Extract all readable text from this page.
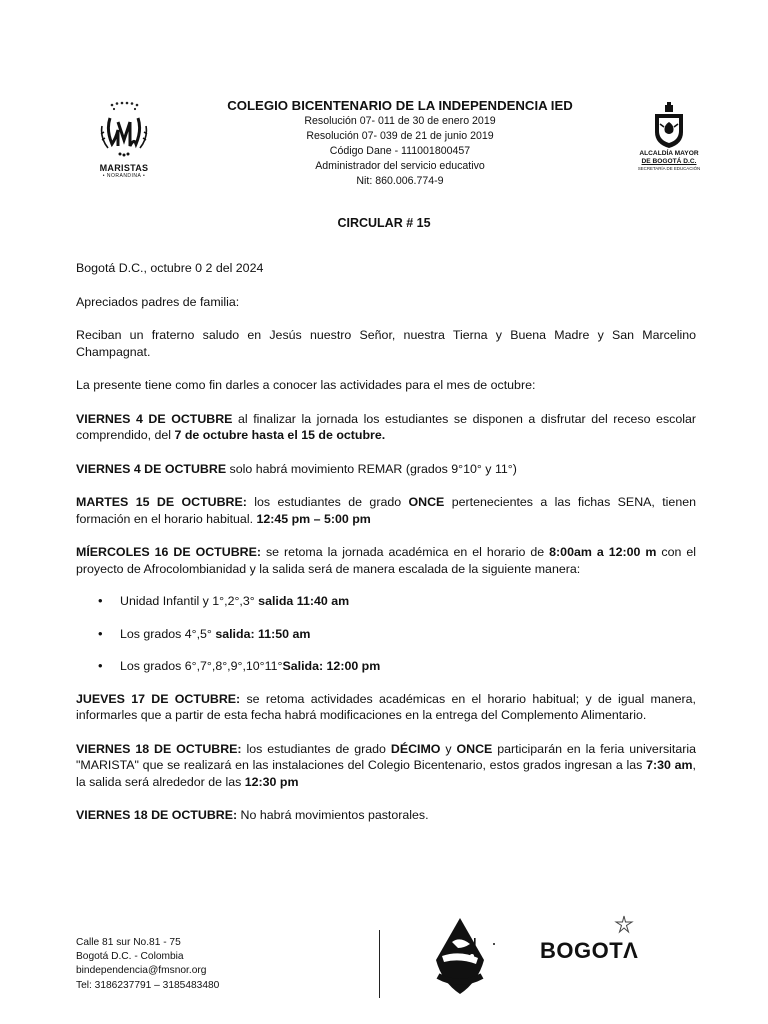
MARISTAS
• NORANDINA •
COLEGIO BICENTENARIO DE LA INDEPENDENCIA IED
Resolución 07- 011 de 30 de enero 2019
Resolución 07- 039 de 21 de junio 2019
Código Dane - 111001800457
Administrador del servicio educativo
Nit: 860.006.774-9
ALCALDÍA MAYOR
DE BOGOTÁ D.C.
SECRETARÍA DE EDUCACIÓN
CIRCULAR # 15

Bogotá D.C., octubre 0 2 del 2024

Apreciados padres de familia:

Reciban un fraterno saludo en Jesús nuestro Señor, nuestra Tierna y Buena Madre y San Marcelino Champagnat.

La presente tiene como fin darles a conocer las actividades para el mes de octubre:

VIERNES 4 DE OCTUBRE al finalizar la jornada los estudiantes se disponen a disfrutar del receso escolar comprendido, del 7 de octubre hasta el 15 de octubre.

VIERNES 4 DE OCTUBRE solo habrá movimiento REMAR (grados 9°10° y 11°)

MARTES 15 DE OCTUBRE: los estudiantes de grado ONCE pertenecientes a las fichas SENA, tienen formación en el horario habitual. 12:45 pm – 5:00 pm

MÍERCOLES 16 DE OCTUBRE: se retoma la jornada académica en el horario de 8:00am a 12:00 m con el proyecto de Afrocolombianidad y la salida será de manera escalada de la siguiente manera:

• Unidad Infantil y 1°,2°,3° salida 11:40 am
• Los grados 4°,5° salida: 11:50 am
• Los grados 6°,7°,8°,9°,10°11°Salida: 12:00 pm

JUEVES 17 DE OCTUBRE: se retoma actividades académicas en el horario habitual; y de igual manera, informarles que a partir de esta fecha habrá modificaciones en la entrega del Complemento Alimentario.

VIERNES 18 DE OCTUBRE: los estudiantes de grado DÉCIMO y ONCE participarán en la feria universitaria "MARISTA" que se realizará en las instalaciones del Colegio Bicentenario, estos grados ingresan a las 7:30 am, la salida será alrededor de las 12:30 pm

VIERNES 18 DE OCTUBRE: No habrá movimientos pastorales.

Calle 81 sur No.81 - 75
Bogotá D.C. - Colombia
bindependencia@fmsnor.org
Tel: 3186237791 – 3185483480
BOGOTΛ
